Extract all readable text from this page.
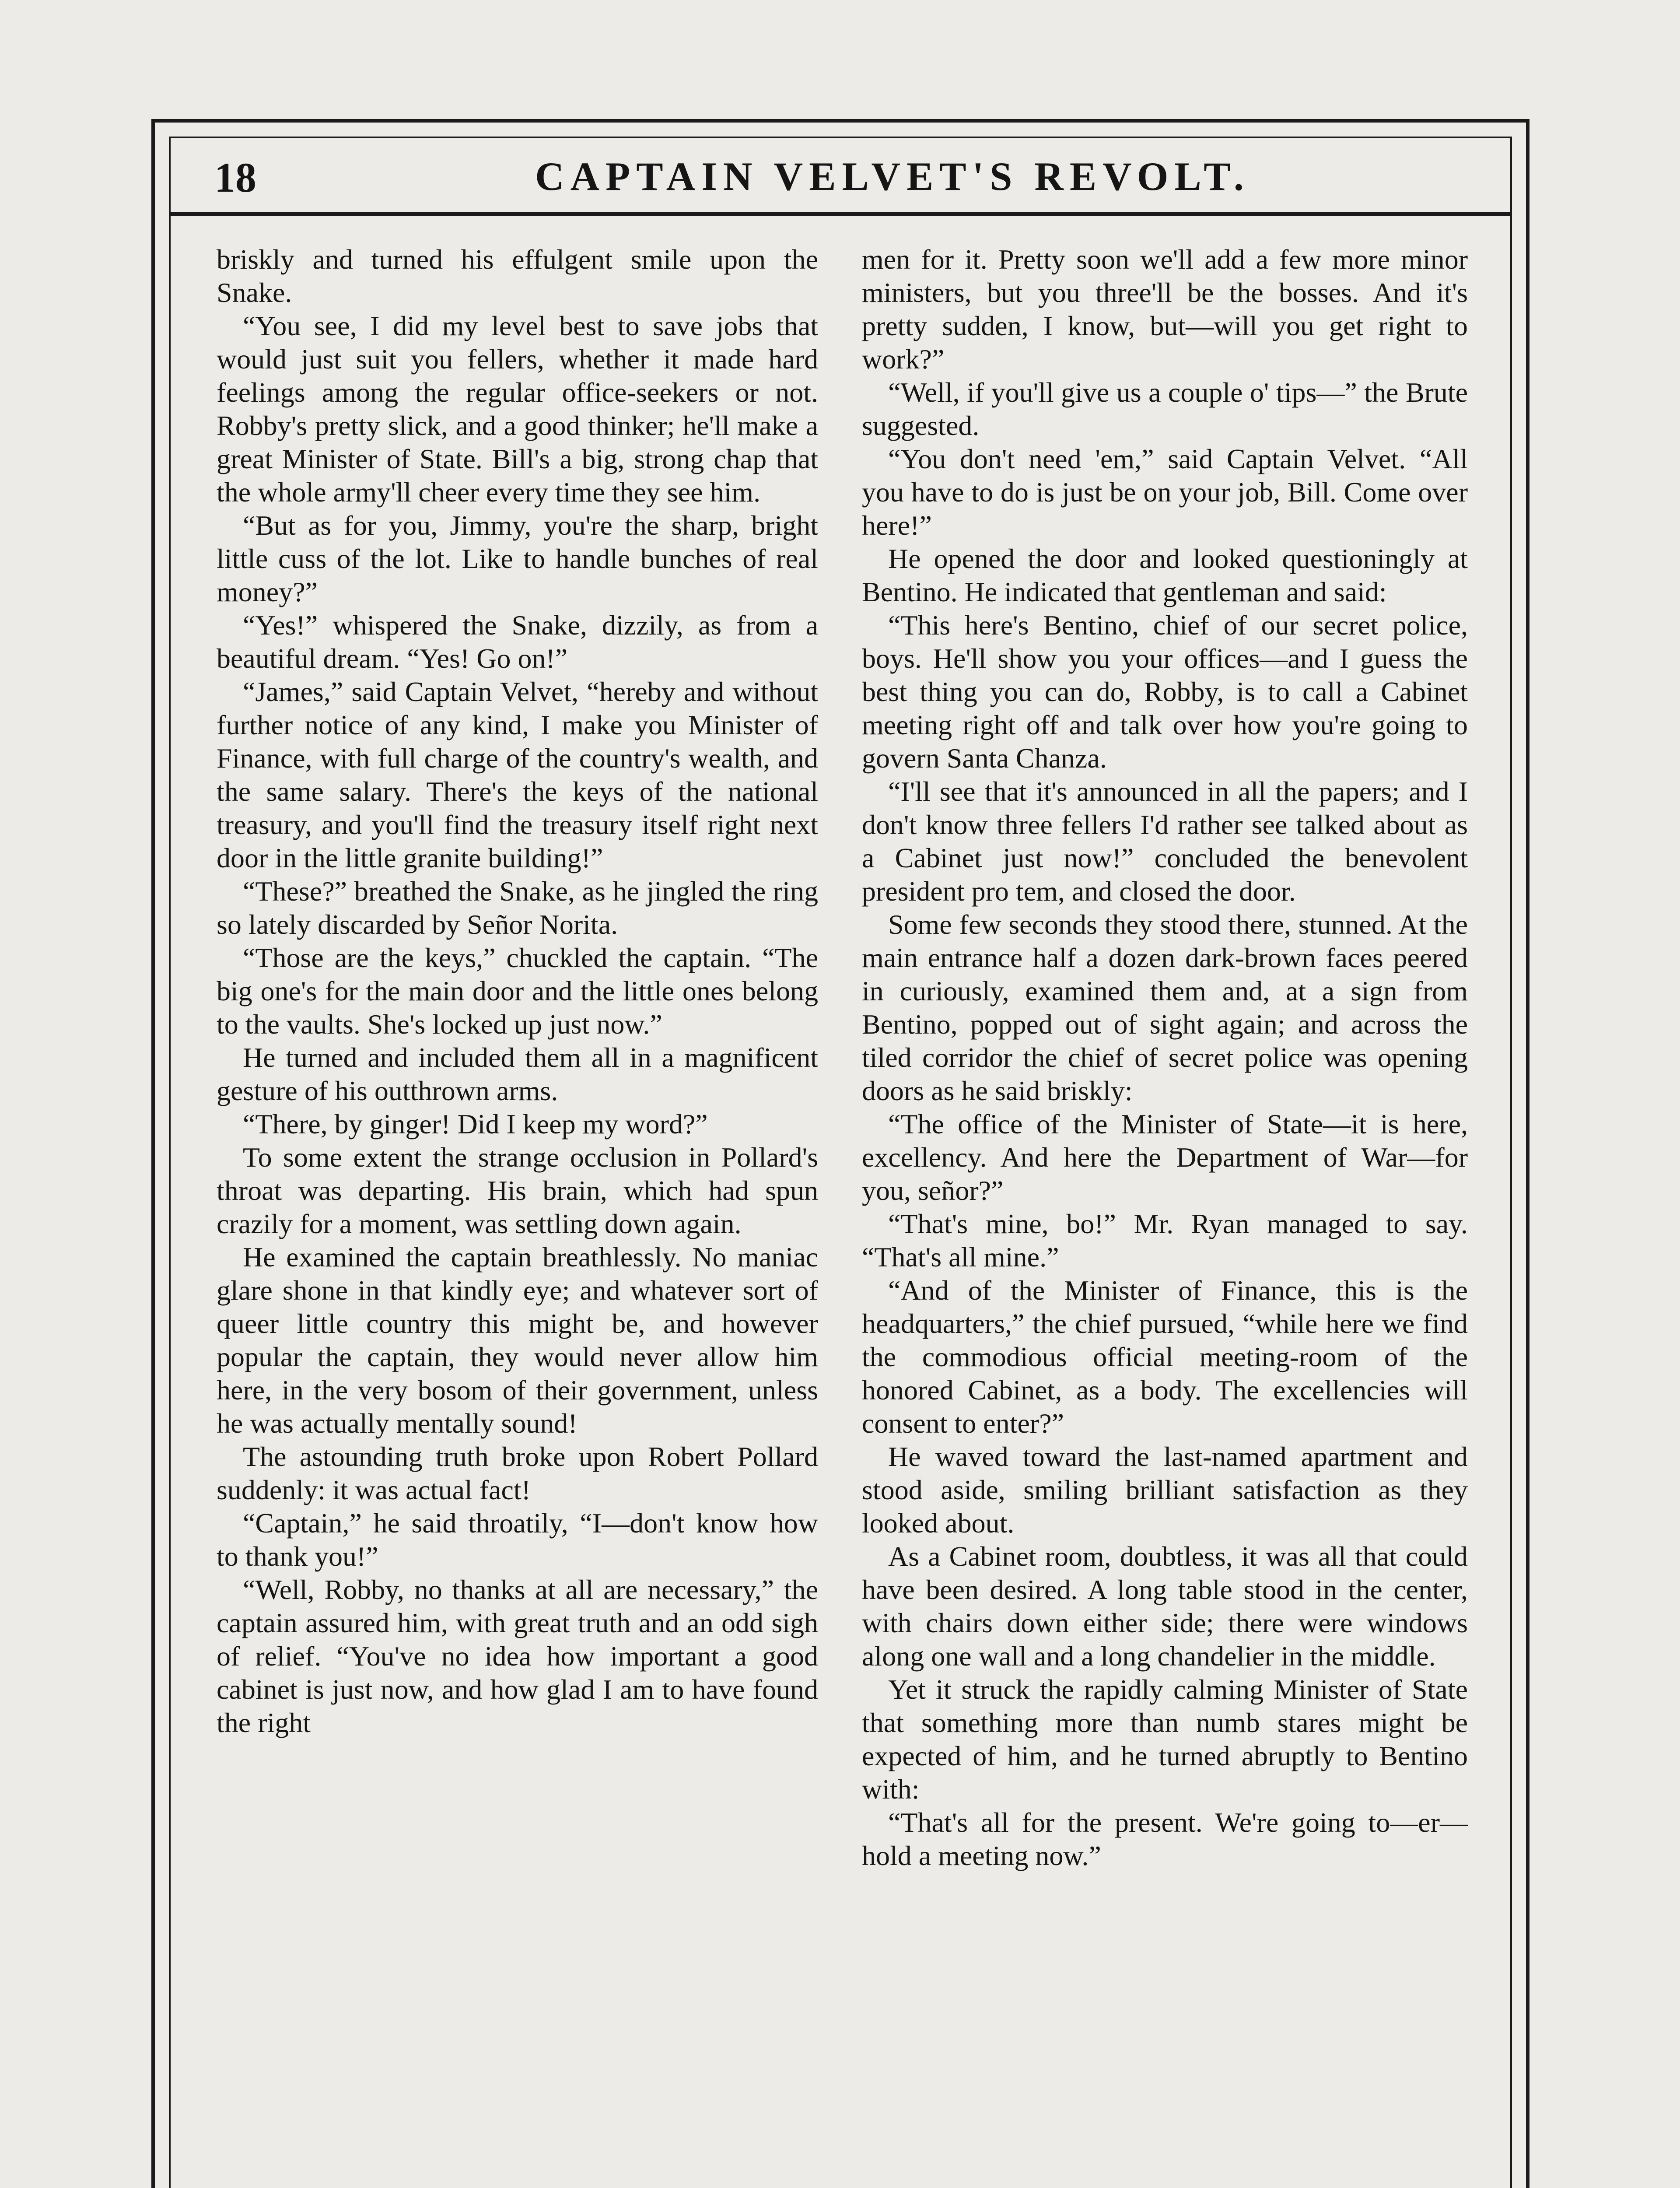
18	CAPTAIN VELVET'S REVOLT.

briskly and turned his effulgent smile upon the Snake.

“You see, I did my level best to save jobs that would just suit you fellers, whether it made hard feelings among the regular office-seekers or not. Robby's pretty slick, and a good thinker; he'll make a great Minister of State. Bill's a big, strong chap that the whole army'll cheer every time they see him.

“But as for you, Jimmy, you're the sharp, bright little cuss of the lot. Like to handle bunches of real money?”

“Yes!” whispered the Snake, dizzily, as from a beautiful dream. “Yes! Go on!”

“James,” said Captain Velvet, “hereby and without further notice of any kind, I make you Minister of Finance, with full charge of the country's wealth, and the same salary. There's the keys of the national treasury, and you'll find the treasury itself right next door in the little granite building!”

“These?” breathed the Snake, as he jingled the ring so lately discarded by Señor Norita.

“Those are the keys,” chuckled the captain. “The big one's for the main door and the little ones belong to the vaults. She's locked up just now.”

He turned and included them all in a magnificent gesture of his outthrown arms.

“There, by ginger! Did I keep my word?”

To some extent the strange occlusion in Pollard's throat was departing. His brain, which had spun crazily for a moment, was settling down again.

He examined the captain breathlessly. No maniac glare shone in that kindly eye; and whatever sort of queer little country this might be, and however popular the captain, they would never allow him here, in the very bosom of their government, unless he was actually mentally sound!

The astounding truth broke upon Robert Pollard suddenly: it was actual fact!

“Captain,” he said throatily, “I—don't know how to thank you!”

“Well, Robby, no thanks at all are necessary,” the captain assured him, with great truth and an odd sigh of relief. “You've no idea how important a good cabinet is just now, and how glad I am to have found the right

men for it. Pretty soon we'll add a few more minor ministers, but you three'll be the bosses. And it's pretty sudden, I know, but—will you get right to work?”

“Well, if you'll give us a couple o' tips—” the Brute suggested.

“You don't need 'em,” said Captain Velvet. “All you have to do is just be on your job, Bill. Come over here!”

He opened the door and looked questioningly at Bentino. He indicated that gentleman and said:

“This here's Bentino, chief of our secret police, boys. He'll show you your offices—and I guess the best thing you can do, Robby, is to call a Cabinet meeting right off and talk over how you're going to govern Santa Chanza.

“I'll see that it's announced in all the papers; and I don't know three fellers I'd rather see talked about as a Cabinet just now!” concluded the benevolent president pro tem, and closed the door.

Some few seconds they stood there, stunned. At the main entrance half a dozen dark-brown faces peered in curiously, examined them and, at a sign from Bentino, popped out of sight again; and across the tiled corridor the chief of secret police was opening doors as he said briskly:

“The office of the Minister of State—it is here, excellency. And here the Department of War—for you, señor?”

“That's mine, bo!” Mr. Ryan managed to say. “That's all mine.”

“And of the Minister of Finance, this is the headquarters,” the chief pursued, “while here we find the commodious official meeting-room of the honored Cabinet, as a body. The excellencies will consent to enter?”

He waved toward the last-named apartment and stood aside, smiling brilliant satisfaction as they looked about.

As a Cabinet room, doubtless, it was all that could have been desired. A long table stood in the center, with chairs down either side; there were windows along one wall and a long chandelier in the middle.

Yet it struck the rapidly calming Minister of State that something more than numb stares might be expected of him, and he turned abruptly to Bentino with:

“That's all for the present. We're going to—er—hold a meeting now.”
